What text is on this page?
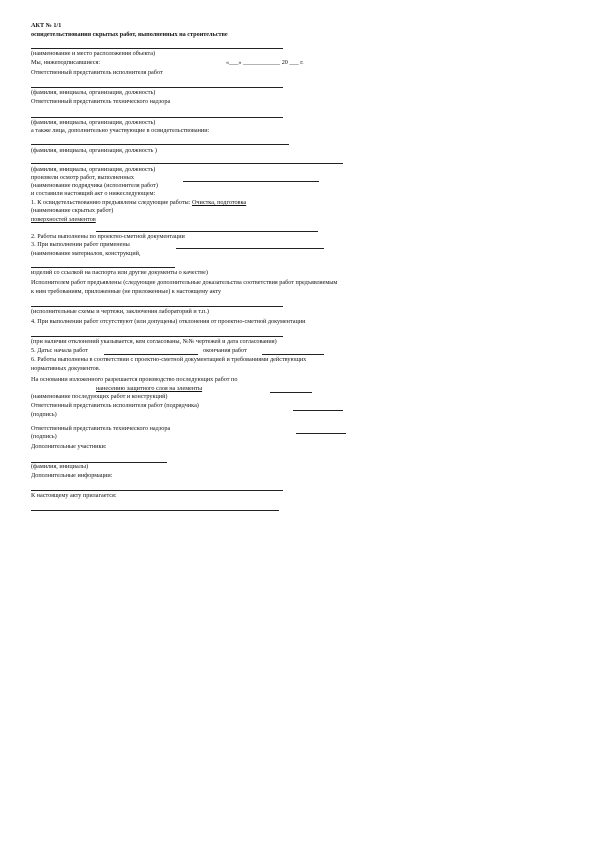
АКТ № 1/1
освидетельствования скрытых работ, выполненных на строительстве
(наименование и место расположения объекта)
Мы, нижеподписавшиеся:	«___» ____________ 20 ___ г.
Ответственный представитель исполнителя работ
(фамилия, инициалы, организация, должность)
Ответственный представитель технического надзора
(фамилия, инициалы, организация, должность)
а также лица, дополнительно участвующие в освидетельствовании:
(фамилия, инициалы, организация, должность )
(фамилия, инициалы, организация, должность)
произвели осмотр работ, выполненных
(наименование подрядчика (исполнителя работ)
и составили настоящий акт о нижеследующем:
1. К освидетельствованию предъявлены следующие работы: Очистка, подготовка
(наименование скрытых работ)
поверхностей элементов
2. Работы выполнены по проектно-сметной документации
3. При выполнении работ применены
(наименование материалов, конструкций,
изделий со ссылкой на паспорта или другие документы о качестве)
Исполнителем работ предъявлены (следующие дополнительные доказательства соответствия работ предъявляемым
к ним требованиям, приложенные (не приложенные) к настоящему акту
(исполнительные схемы и чертежи, заключения лабораторий и т.п.)
4. При выполнении работ отсутствуют (или допущены) отклонения от проектно-сметной документации
(при наличии отклонений указывается, кем согласованы, №№ чертежей и дата согласования)
5. Даты: начала работ	окончания работ
6. Работы выполнены в соответствии с проектно-сметной документацией и требованиями действующих
нормативных документов.
На основании изложенного разрешается производство последующих работ по
нанесению защитного слоя на элементы
(наименование последующих работ и конструкций)
Ответственный представитель исполнителя работ (подрядчика)
(подпись)
Ответственный представитель технического надзора
(подпись)
Дополнительные участники:
(фамилия, инициалы)
Дополнительные информации:
К настоящему акту прилагается:
